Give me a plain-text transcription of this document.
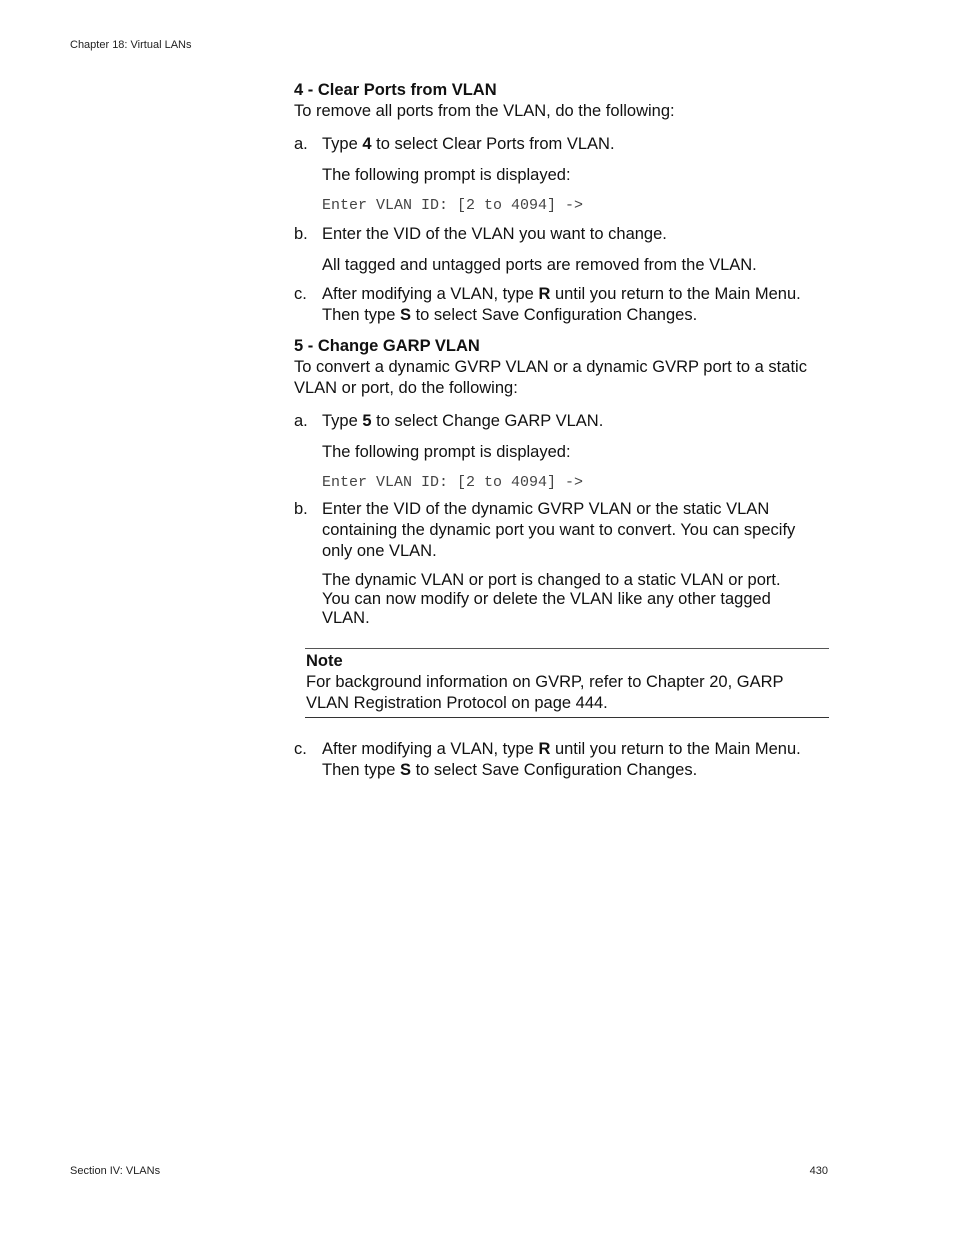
Chapter 18: Virtual LANs
4 - Clear Ports from VLAN
To remove all ports from the VLAN, do the following:
a. Type 4 to select Clear Ports from VLAN.
The following prompt is displayed:
Enter VLAN ID: [2 to 4094] ->
b. Enter the VID of the VLAN you want to change.
All tagged and untagged ports are removed from the VLAN.
c. After modifying a VLAN, type R until you return to the Main Menu.
Then type S to select Save Configuration Changes.
5 - Change GARP VLAN
To convert a dynamic GVRP VLAN or a dynamic GVRP port to a static
VLAN or port, do the following:
a. Type 5 to select Change GARP VLAN.
The following prompt is displayed:
Enter VLAN ID: [2 to 4094] ->
b. Enter the VID of the dynamic GVRP VLAN or the static VLAN
containing the dynamic port you want to convert. You can specify
only one VLAN.
The dynamic VLAN or port is changed to a static VLAN or port.
You can now modify or delete the VLAN like any other tagged
VLAN.
Note
For background information on GVRP, refer to Chapter 20, GARP
VLAN Registration Protocol on page 444.
c. After modifying a VLAN, type R until you return to the Main Menu.
Then type S to select Save Configuration Changes.
Section IV: VLANs	430
